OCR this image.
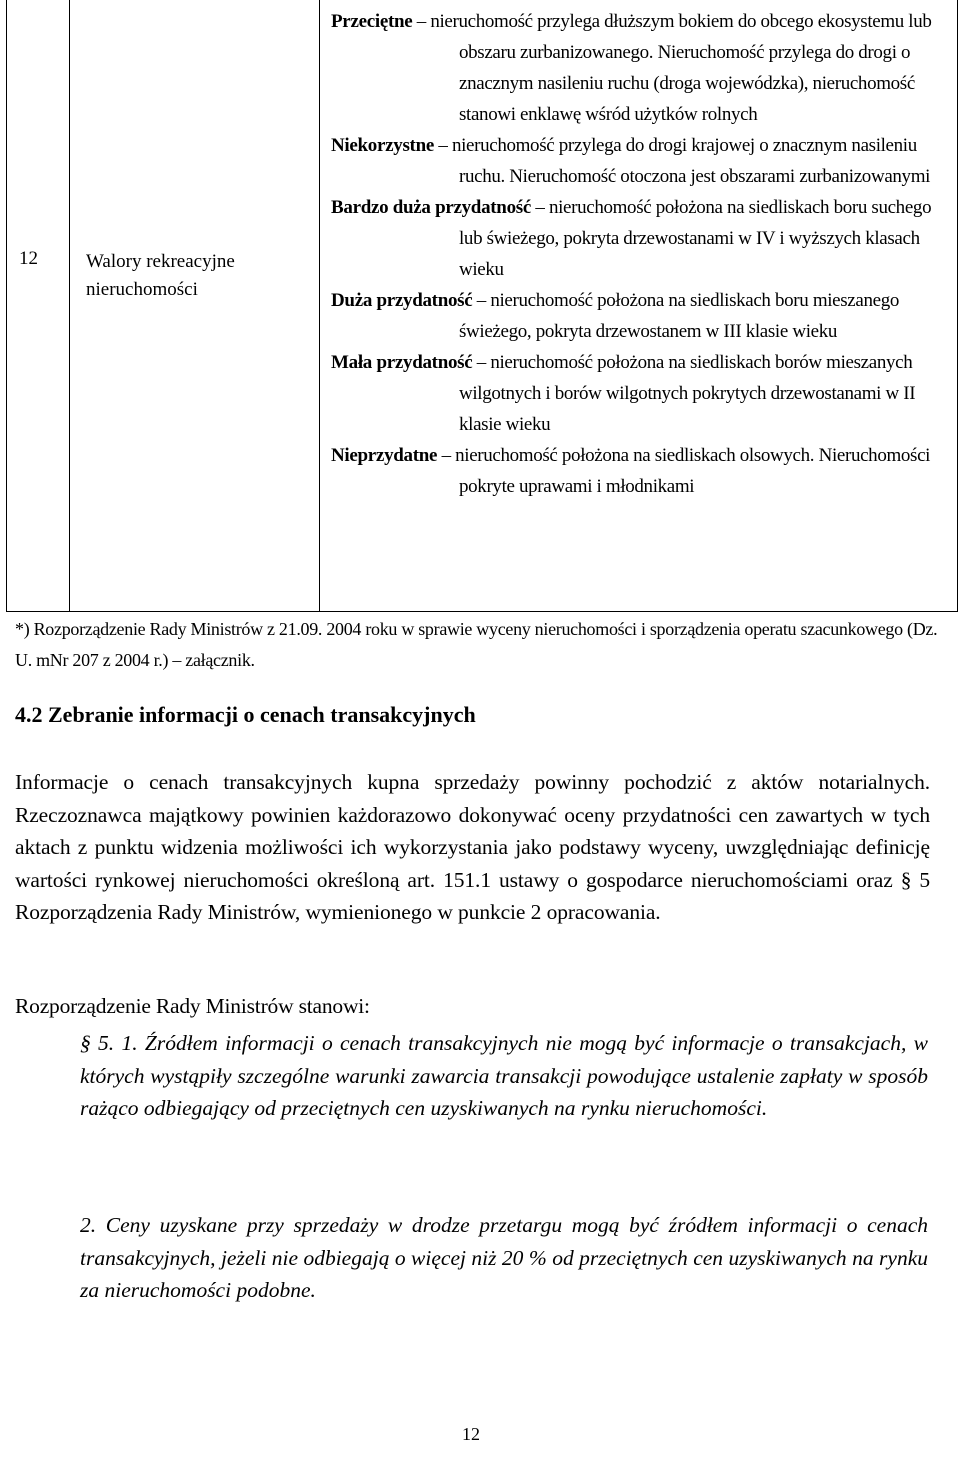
12	Walory rekreacyjne nieruchomości
Przeciętne – nieruchomość przylega dłuższym bokiem do obcego ekosystemu lub obszaru zurbanizowanego. Nieruchomość przylega do drogi o znacznym nasileniu ruchu (droga wojewódzka), nieruchomość stanowi enklawę wśród użytków rolnych
Niekorzystne – nieruchomość przylega do drogi krajowej o znacznym nasileniu ruchu. Nieruchomość otoczona jest obszarami zurbanizowanymi
Bardzo duża przydatność – nieruchomość położona na siedliskach boru suchego lub świeżego, pokryta drzewostanami w IV i wyższych klasach wieku
Duża przydatność – nieruchomość położona na siedliskach boru mieszanego świeżego, pokryta drzewostanem w III klasie wieku
Mała przydatność – nieruchomość położona na siedliskach borów mieszanych wilgotnych i borów wilgotnych pokrytych drzewostanami w II klasie wieku
Nieprzydatne – nieruchomość położona na siedliskach olsowych. Nieruchomości pokryte uprawami i młodnikami
*) Rozporządzenie Rady Ministrów z 21.09. 2004 roku w sprawie wyceny nieruchomości i sporządzenia operatu szacunkowego (Dz. U. mNr 207 z 2004 r.) – załącznik.
4.2 Zebranie informacji o cenach transakcyjnych
Informacje o cenach transakcyjnych kupna sprzedaży powinny pochodzić z aktów notarialnych. Rzeczoznawca majątkowy powinien każdorazowo dokonywać oceny przydatności cen zawartych w tych aktach z punktu widzenia możliwości ich wykorzystania jako podstawy wyceny, uwzględniając definicję wartości rynkowej nieruchomości określoną art. 151.1 ustawy o gospodarce nieruchomościami oraz § 5 Rozporządzenia Rady Ministrów, wymienionego w punkcie 2 opracowania.
Rozporządzenie Rady Ministrów stanowi:
§ 5. 1. Źródłem informacji o cenach transakcyjnych nie mogą być informacje o transakcjach, w których wystąpiły szczególne warunki zawarcia transakcji powodujące ustalenie zapłaty w sposób rażąco odbiegający od przeciętnych cen uzyskiwanych na rynku nieruchomości.
2. Ceny uzyskane przy sprzedaży w drodze przetargu mogą być źródłem informacji o cenach transakcyjnych, jeżeli nie odbiegają o więcej niż 20 % od przeciętnych cen uzyskiwanych na rynku za nieruchomości podobne.
12
